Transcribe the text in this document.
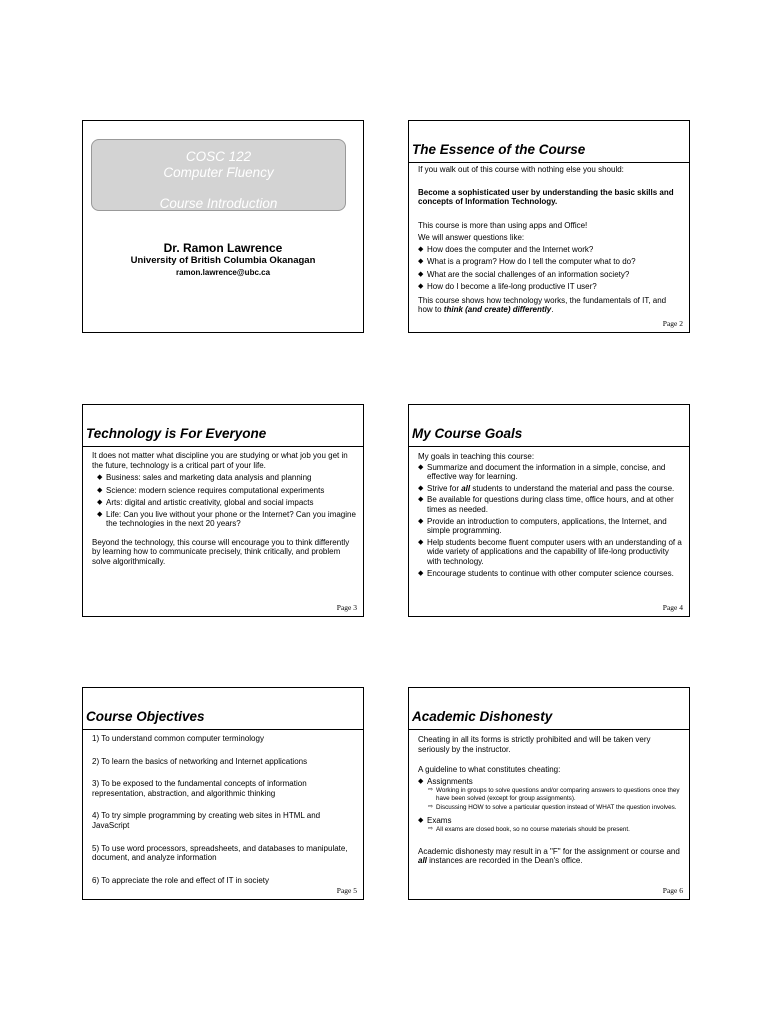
COSC 122
Computer Fluency
Course Introduction
Dr. Ramon Lawrence
University of British Columbia Okanagan
ramon.lawrence@ubc.ca
The Essence of the Course

If you walk out of this course with nothing else you should:

Become a sophisticated user by understanding the basic skills and concepts of Information Technology.

This course is more than using apps and Office!

We will answer questions like:

◆ How does the computer and the Internet work?
◆ What is a program? How do I tell the computer what to do?
◆ What are the social challenges of an information society?
◆ How do I become a life-long productive IT user?

This course shows how technology works, the fundamentals of IT, and how to think (and create) differently.

Page 2
Technology is For Everyone

It does not matter what discipline you are studying or what job you get in the future, technology is a critical part of your life.

◆ Business: sales and marketing data analysis and planning
◆ Science: modern science requires computational experiments
◆ Arts: digital and artistic creativity, global and social impacts
◆ Life: Can you live without your phone or the Internet? Can you imagine the technologies in the next 20 years?

Beyond the technology, this course will encourage you to think differently by learning how to communicate precisely, think critically, and problem solve algorithmically.

Page 3
My Course Goals

My goals in teaching this course:

◆ Summarize and document the information in a simple, concise, and effective way for learning.
◆ Strive for all students to understand the material and pass the course.
◆ Be available for questions during class time, office hours, and at other times as needed.
◆ Provide an introduction to computers, applications, the Internet, and simple programming.
◆ Help students become fluent computer users with an understanding of a wide variety of applications and the capability of life-long productivity with technology.
◆ Encourage students to continue with other computer science courses.
Page 4
Course Objectives

1) To understand common computer terminology

2) To learn the basics of networking and Internet applications

3) To be exposed to the fundamental concepts of information representation, abstraction, and algorithmic thinking

4) To try simple programming by creating web sites in HTML and JavaScript

5) To use word processors, spreadsheets, and databases to manipulate, document, and analyze information

6) To appreciate the role and effect of IT in society

Page 5
Academic Dishonesty

Cheating in all its forms is strictly prohibited and will be taken very seriously by the instructor.

A guideline to what constitutes cheating:

◆ Assignments
⇨ Working in groups to solve questions and/or comparing answers to questions once they have been solved (except for group assignments).
⇨ Discussing HOW to solve a particular question instead of WHAT the question involves.
◆ Exams
⇨ All exams are closed book, so no course materials should be present.

Academic dishonesty may result in a "F" for the assignment or course and all instances are recorded in the Dean's office.

Page 6
